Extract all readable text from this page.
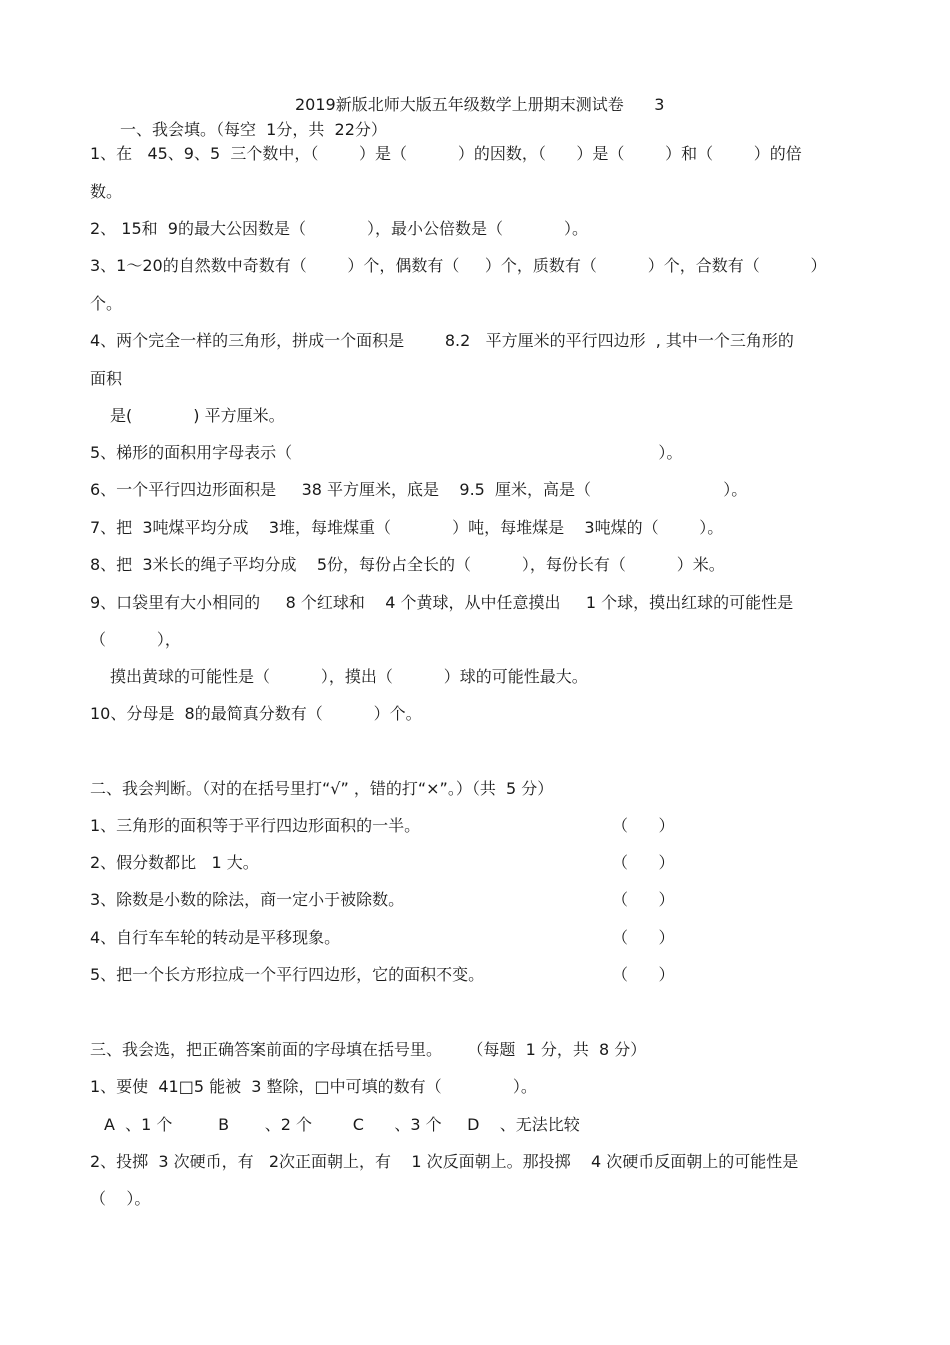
2019新版北师大版五年级数学上册期末测试卷      3
一、我会填。（每空  1分，共  22分）
1、在   45、9、5  三个数中，（        ）是（          ）的因数，（      ）是（        ）和（        ）的倍
数。
2、 15和  9的最大公因数是（            ），最小公倍数是（            ）。
3、1～20的自然数中奇数有（        ）个，偶数有（     ）个，质数有（          ）个，合数有（          ）
个。
4、两个完全一样的三角形，拼成一个面积是        8.2   平方厘米的平行四边形  , 其中一个三角形的
面积
是(            ) 平方厘米。
5、梯形的面积用字母表示（                                                                        ）。
6、一个平行四边形面积是     38 平方厘米，底是    9.5  厘米，高是（                          ）。
7、把  3吨煤平均分成    3堆，每堆煤重（            ）吨，每堆煤是    3吨煤的（        ）。
8、把  3米长的绳子平均分成    5份，每份占全长的（          ），每份长有（          ）米。
9、口袋里有大小相同的     8 个红球和    4 个黄球，从中任意摸出     1 个球，摸出红球的可能性是
（          ），
摸出黄球的可能性是（          ），摸出（          ）球的可能性最大。
10、分母是  8的最简真分数有（          ）个。
二、我会判断。（对的在括号里打“√” ，错的打“×”。）（共  5 分）
1、三角形的面积等于平行四边形面积的一半。	（      ）
2、假分数都比   1 大。	（      ）
3、除数是小数的除法，商一定小于被除数。	（      ）
4、自行车车轮的转动是平移现象。	（      ）
5、把一个长方形拉成一个平行四边形，它的面积不变。	（      ）
三、我会选，把正确答案前面的字母填在括号里。     （每题  1 分，共  8 分）
1、要使  41□5 能被  3 整除，□中可填的数有（              ）。
A  、1 个         B       、2 个        C      、3 个     D    、无法比较
2、投掷  3 次硬币，有   2次正面朝上，有    1 次反面朝上。那投掷    4 次硬币反面朝上的可能性是
（    ）。
